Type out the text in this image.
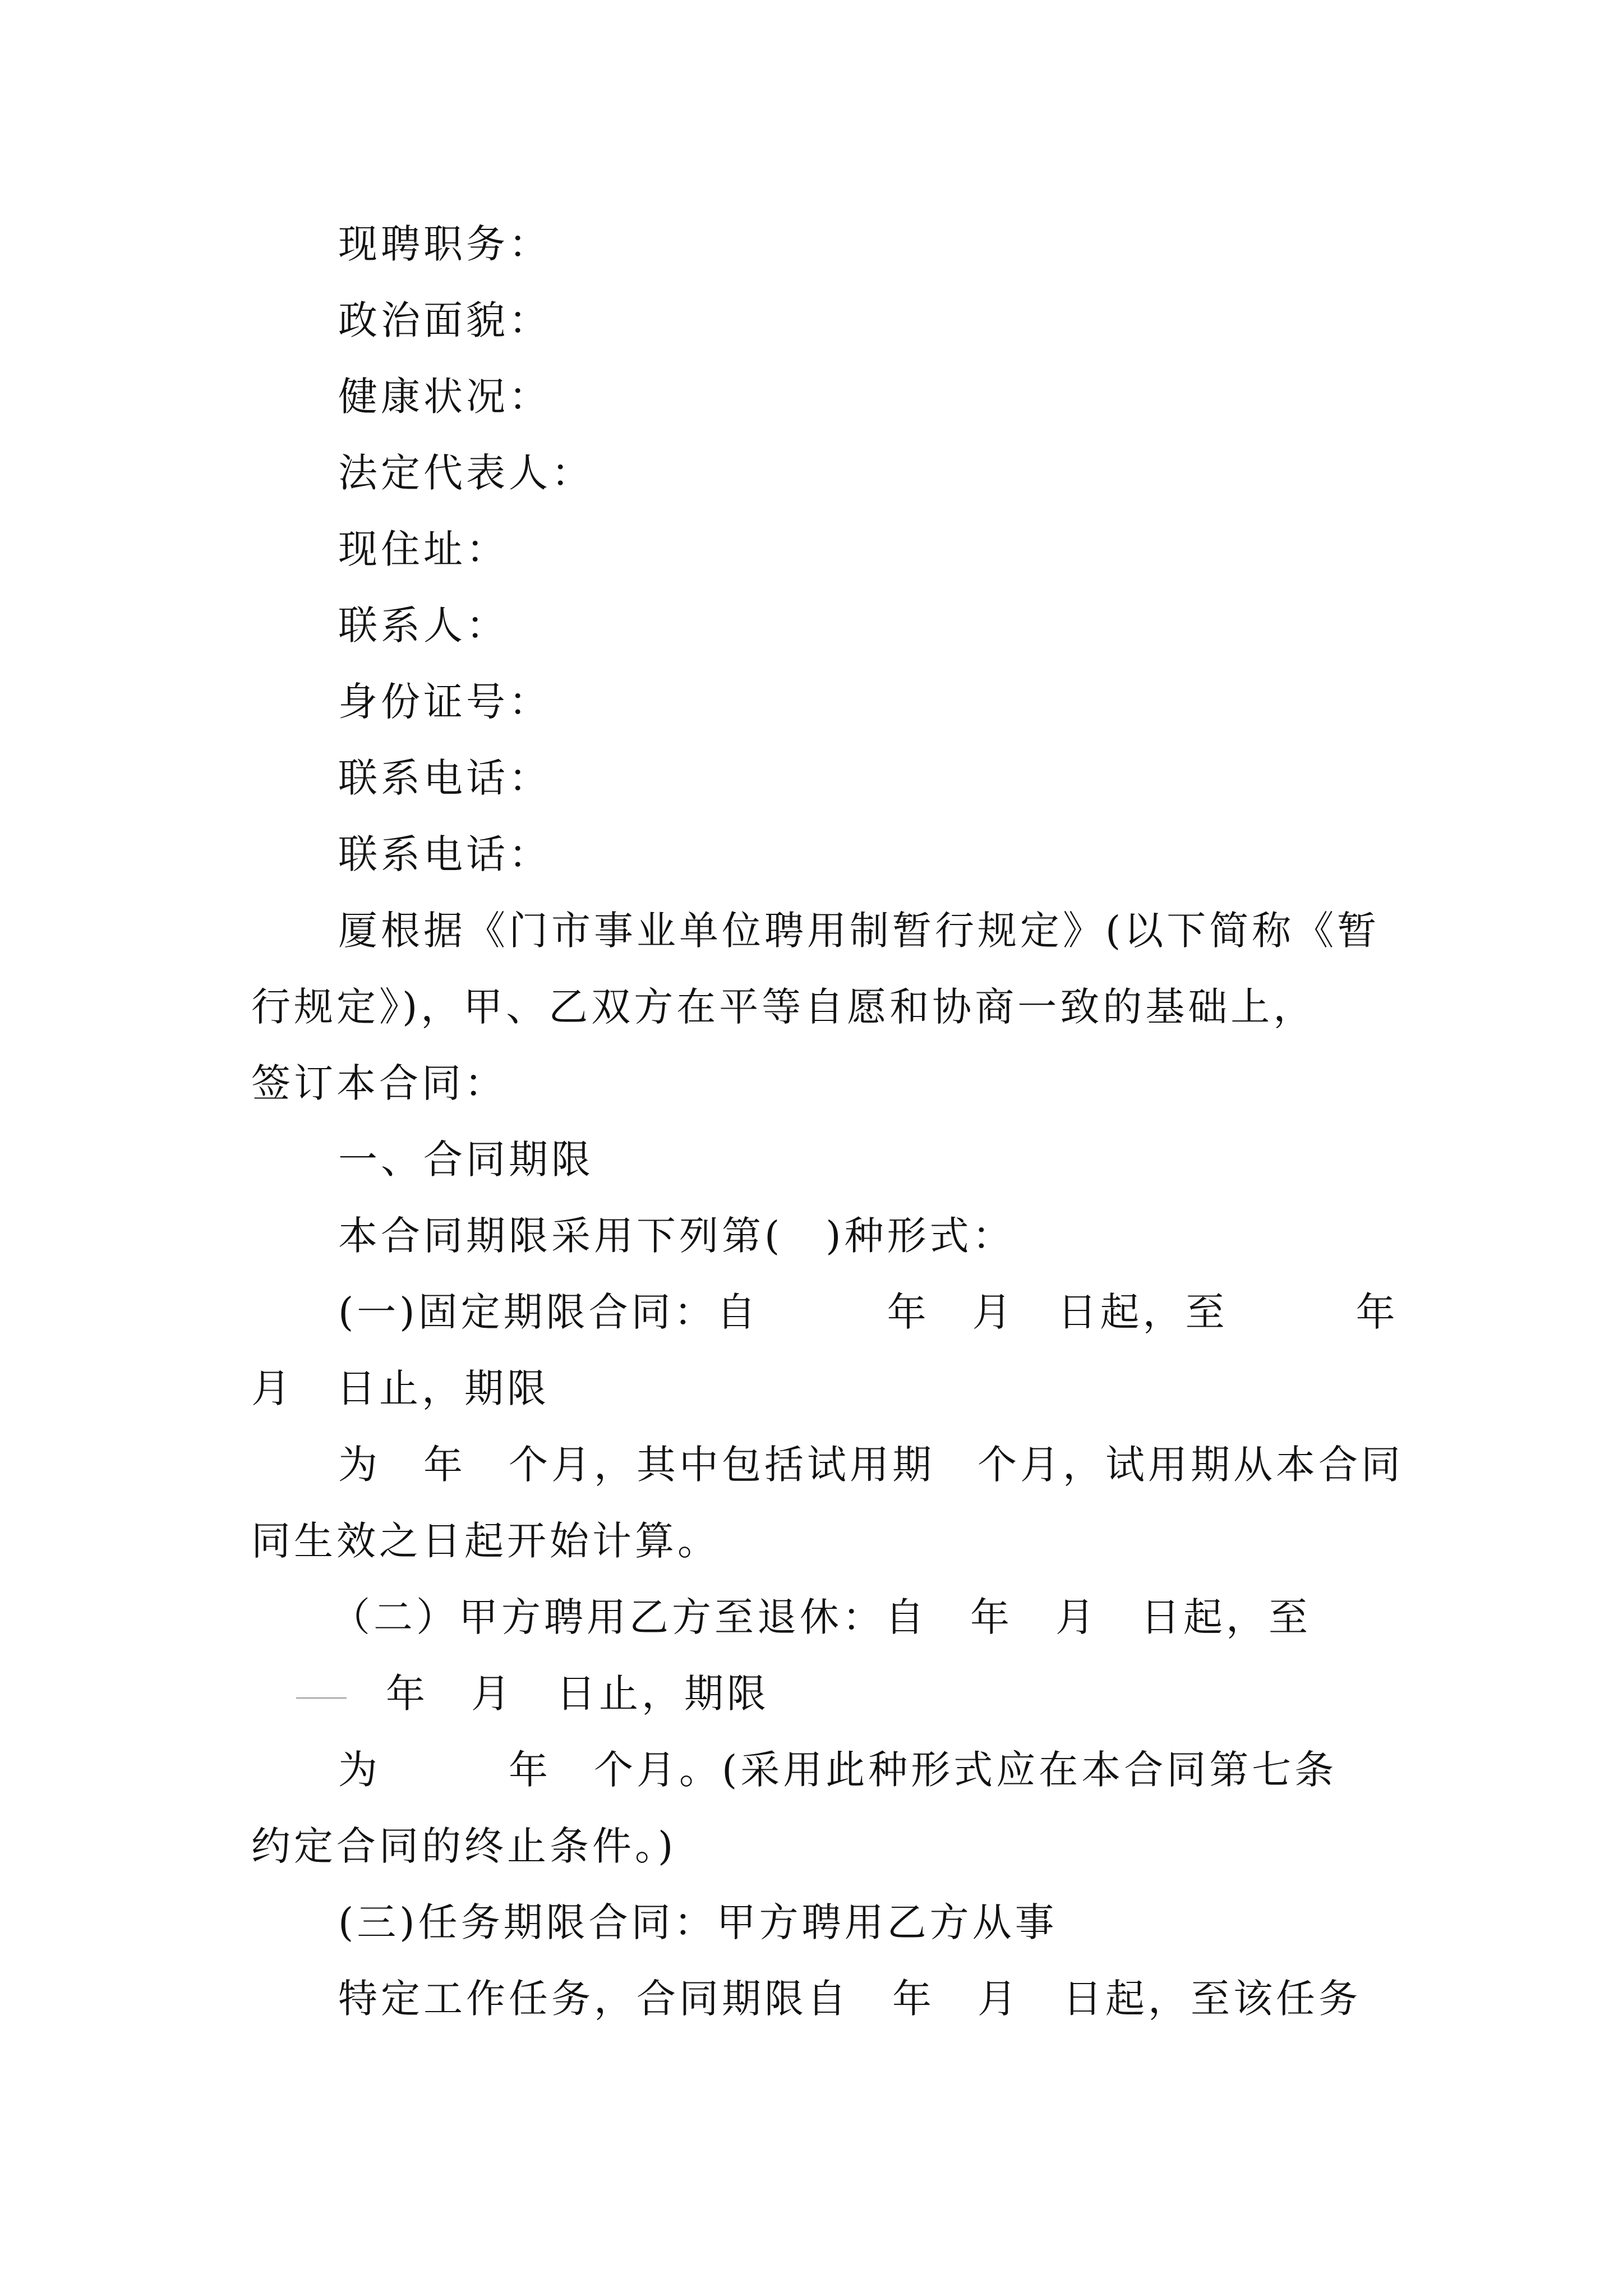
现聘职务：
政治面貌：
健康状况：
法定代表人：
现住址：
联系人：
身份证号：
联系电话：
联系电话：
厦根据《门市事业单位聘用制暂行规定》(以下简称《暂
行规定》)，甲、乙双方在平等自愿和协商一致的基础上，
签订本合同：
一、合同期限
本合同期限采用下列第(　)种形式：
(一)固定期限合同：自　　　年　月　日起，至　　　年
月　日止，期限
为　年　个月，其中包括试用期　个月，试用期从本合同
同生效之日起开始计算。
（二）甲方聘用乙方至退休：自　年　月　日起，至
年　月　日止，期限
为　　　年　个月。(采用此种形式应在本合同第七条
约定合同的终止条件。)
(三)任务期限合同：甲方聘用乙方从事
特定工作任务，合同期限自　年　月　日起，至该任务
